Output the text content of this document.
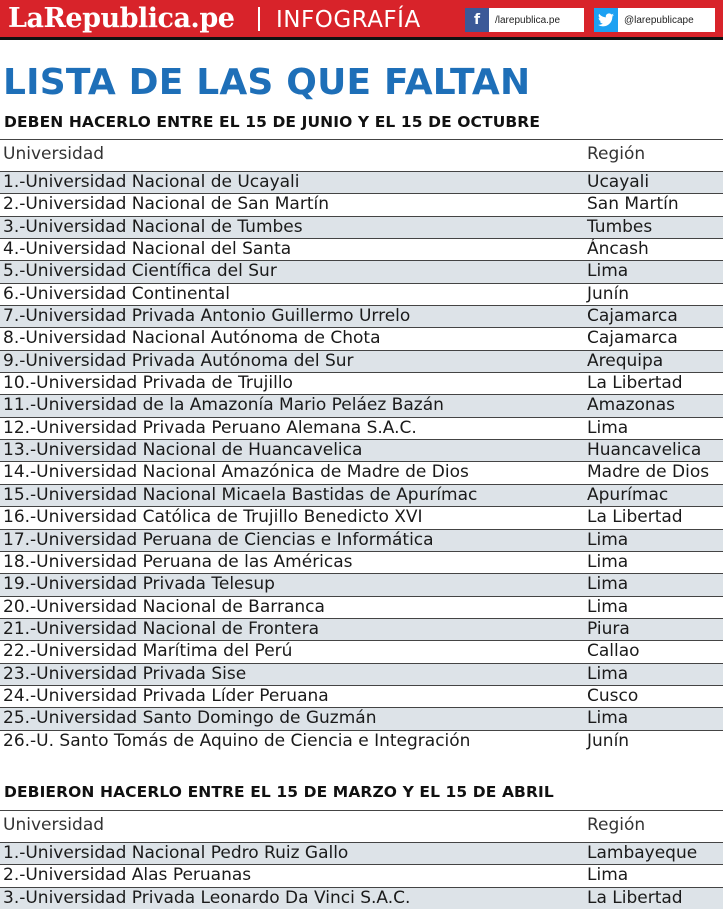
LaRepublica.pe INFOGRAFÍA	f	/larepublica.pe	@larepublicape
LISTA DE LAS QUE FALTAN
DEBEN HACERLO ENTRE EL 15 DE JUNIO Y EL 15 DE OCTUBRE
Universidad	Región
1.-Universidad Nacional de Ucayali	Ucayali
2.-Universidad Nacional de San Martín	San Martín
3.-Universidad Nacional de Tumbes	Tumbes
4.-Universidad Nacional del Santa	Áncash
5.-Universidad Científica del Sur	Lima
6.-Universidad Continental	Junín
7.-Universidad Privada Antonio Guillermo Urrelo	Cajamarca
8.-Universidad Nacional Autónoma de Chota	Cajamarca
9.-Universidad Privada Autónoma del Sur	Arequipa
10.-Universidad Privada de Trujillo	La Libertad
11.-Universidad de la Amazonía Mario Peláez Bazán	Amazonas
12.-Universidad Privada Peruano Alemana S.A.C.	Lima
13.-Universidad Nacional de Huancavelica	Huancavelica
14.-Universidad Nacional Amazónica de Madre de Dios	Madre de Dios
15.-Universidad Nacional Micaela Bastidas de Apurímac	Apurímac
16.-Universidad Católica de Trujillo Benedicto XVI	La Libertad
17.-Universidad Peruana de Ciencias e Informática	Lima
18.-Universidad Peruana de las Américas	Lima
19.-Universidad Privada Telesup	Lima
20.-Universidad Nacional de Barranca	Lima
21.-Universidad Nacional de Frontera	Piura
22.-Universidad Marítima del Perú	Callao
23.-Universidad Privada Sise	Lima
24.-Universidad Privada Líder Peruana	Cusco
25.-Universidad Santo Domingo de Guzmán	Lima
26.-U. Santo Tomás de Aquino de Ciencia e Integración	Junín
DEBIERON HACERLO ENTRE EL 15 DE MARZO Y EL 15 DE ABRIL
Universidad	Región
1.-Universidad Nacional Pedro Ruiz Gallo	Lambayeque
2.-Universidad Alas Peruanas	Lima
3.-Universidad Privada Leonardo Da Vinci S.A.C.	La Libertad
